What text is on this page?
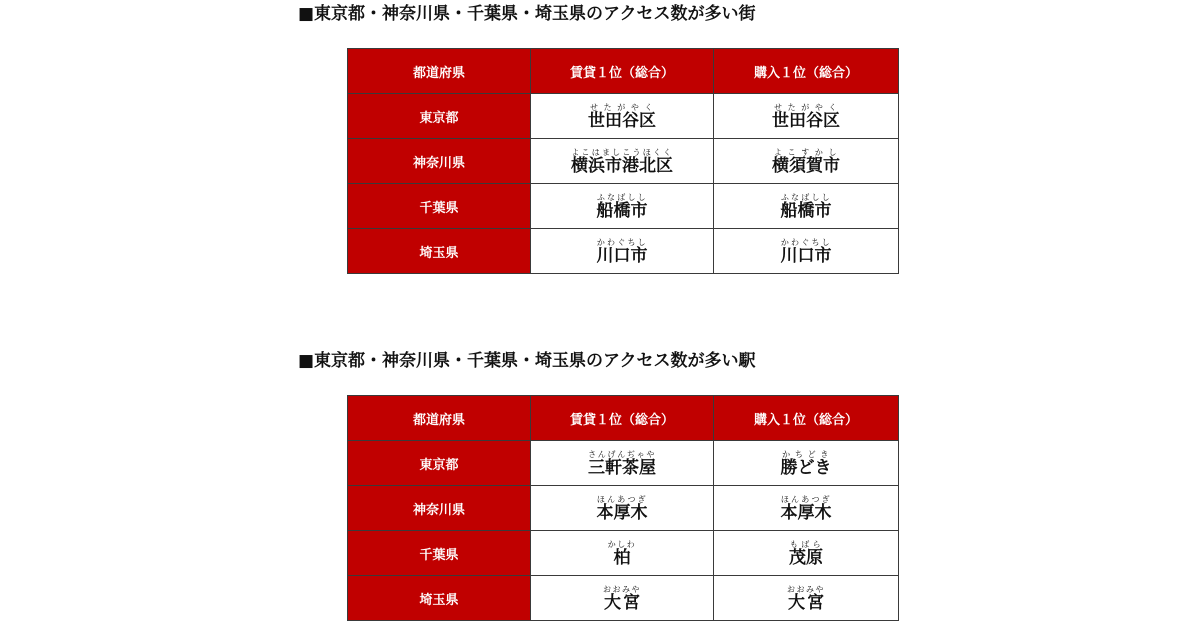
■東京都・神奈川県・千葉県・埼玉県のアクセス数が多い街
都道府県	賃貸１位（総合）	購入１位（総合）
東京都	世田谷区せたがやく	世田谷区せたがやく
神奈川県	横浜市港北区よこはましこうほくく	横須賀市よこすかし
千葉県	船橋市ふなばしし	船橋市ふなばしし
埼玉県	川口市かわぐちし	川口市かわぐちし
■東京都・神奈川県・千葉県・埼玉県のアクセス数が多い駅
都道府県	賃貸１位（総合）	購入１位（総合）
東京都	三軒茶屋さんげんぢゃや	勝どきかちどき
神奈川県	本厚木ほんあつぎ	本厚木ほんあつぎ
千葉県	柏かしわ	茂原もばら
埼玉県	大宮おおみや	大宮おおみや
